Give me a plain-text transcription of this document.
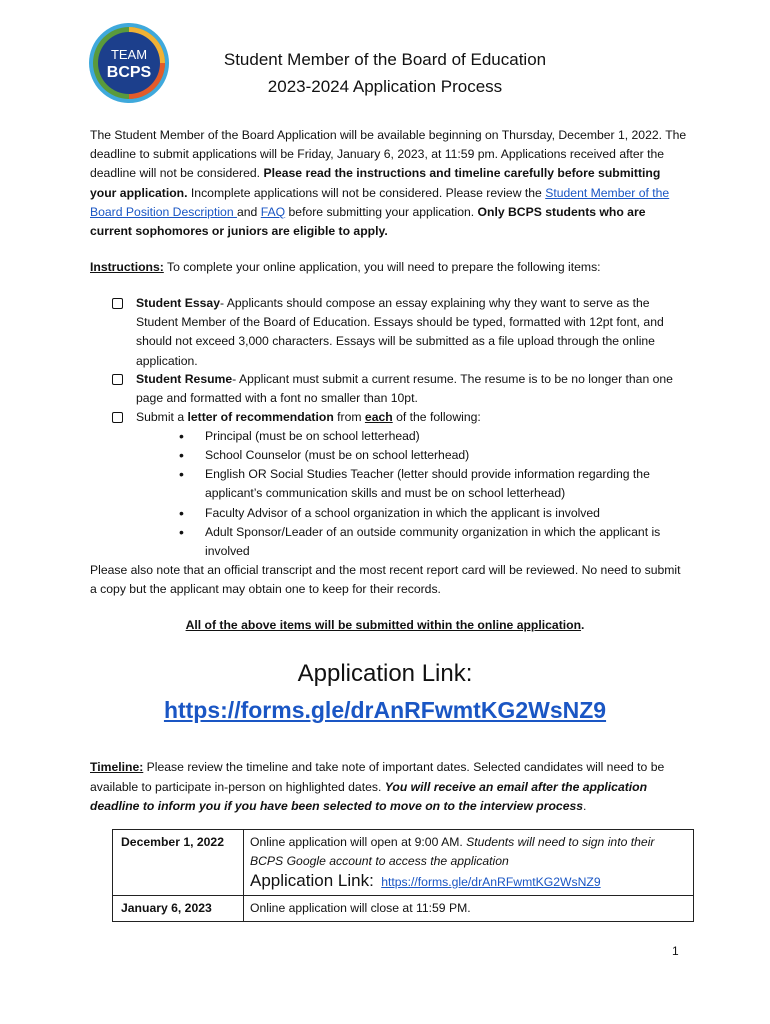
TEAM
BCPS
Student Member of the Board of Education
2023-2024 Application Process
The Student Member of the Board Application will be available beginning on Thursday, December 1, 2022. The deadline to submit applications will be Friday, January 6, 2023, at 11:59 pm. Applications received after the deadline will not be considered. Please read the instructions and timeline carefully before submitting your application. Incomplete applications will not be considered. Please review the Student Member of the Board Position Description and FAQ before submitting your application. Only BCPS students who are current sophomores or juniors are eligible to apply.
Instructions: To complete your online application, you will need to prepare the following items:
Student Essay- Applicants should compose an essay explaining why they want to serve as the Student Member of the Board of Education. Essays should be typed, formatted with 12pt font, and should not exceed 3,000 characters. Essays will be submitted as a file upload through the online application.
Student Resume- Applicant must submit a current resume. The resume is to be no longer than one page and formatted with a font no smaller than 10pt.
Submit a letter of recommendation from each of the following:
•	Principal (must be on school letterhead)
•	School Counselor (must be on school letterhead)
•	English OR Social Studies Teacher (letter should provide information regarding the applicant’s communication skills and must be on school letterhead)
•	Faculty Advisor of a school organization in which the applicant is involved
•	Adult Sponsor/Leader of an outside community organization in which the applicant is involved
Please also note that an official transcript and the most recent report card will be reviewed. No need to submit a copy but the applicant may obtain one to keep for their records.
All of the above items will be submitted within the online application.
Application Link:
https://forms.gle/drAnRFwmtKG2WsNZ9
Timeline: Please review the timeline and take note of important dates. Selected candidates will need to be available to participate in-person on highlighted dates. You will receive an email after the application deadline to inform you if you have been selected to move on to the interview process.
December 1, 2022	Online application will open at 9:00 AM. Students will need to sign into their BCPS Google account to access the application
Application Link: https://forms.gle/drAnRFwmtKG2WsNZ9
January 6, 2023	Online application will close at 11:59 PM.
1
